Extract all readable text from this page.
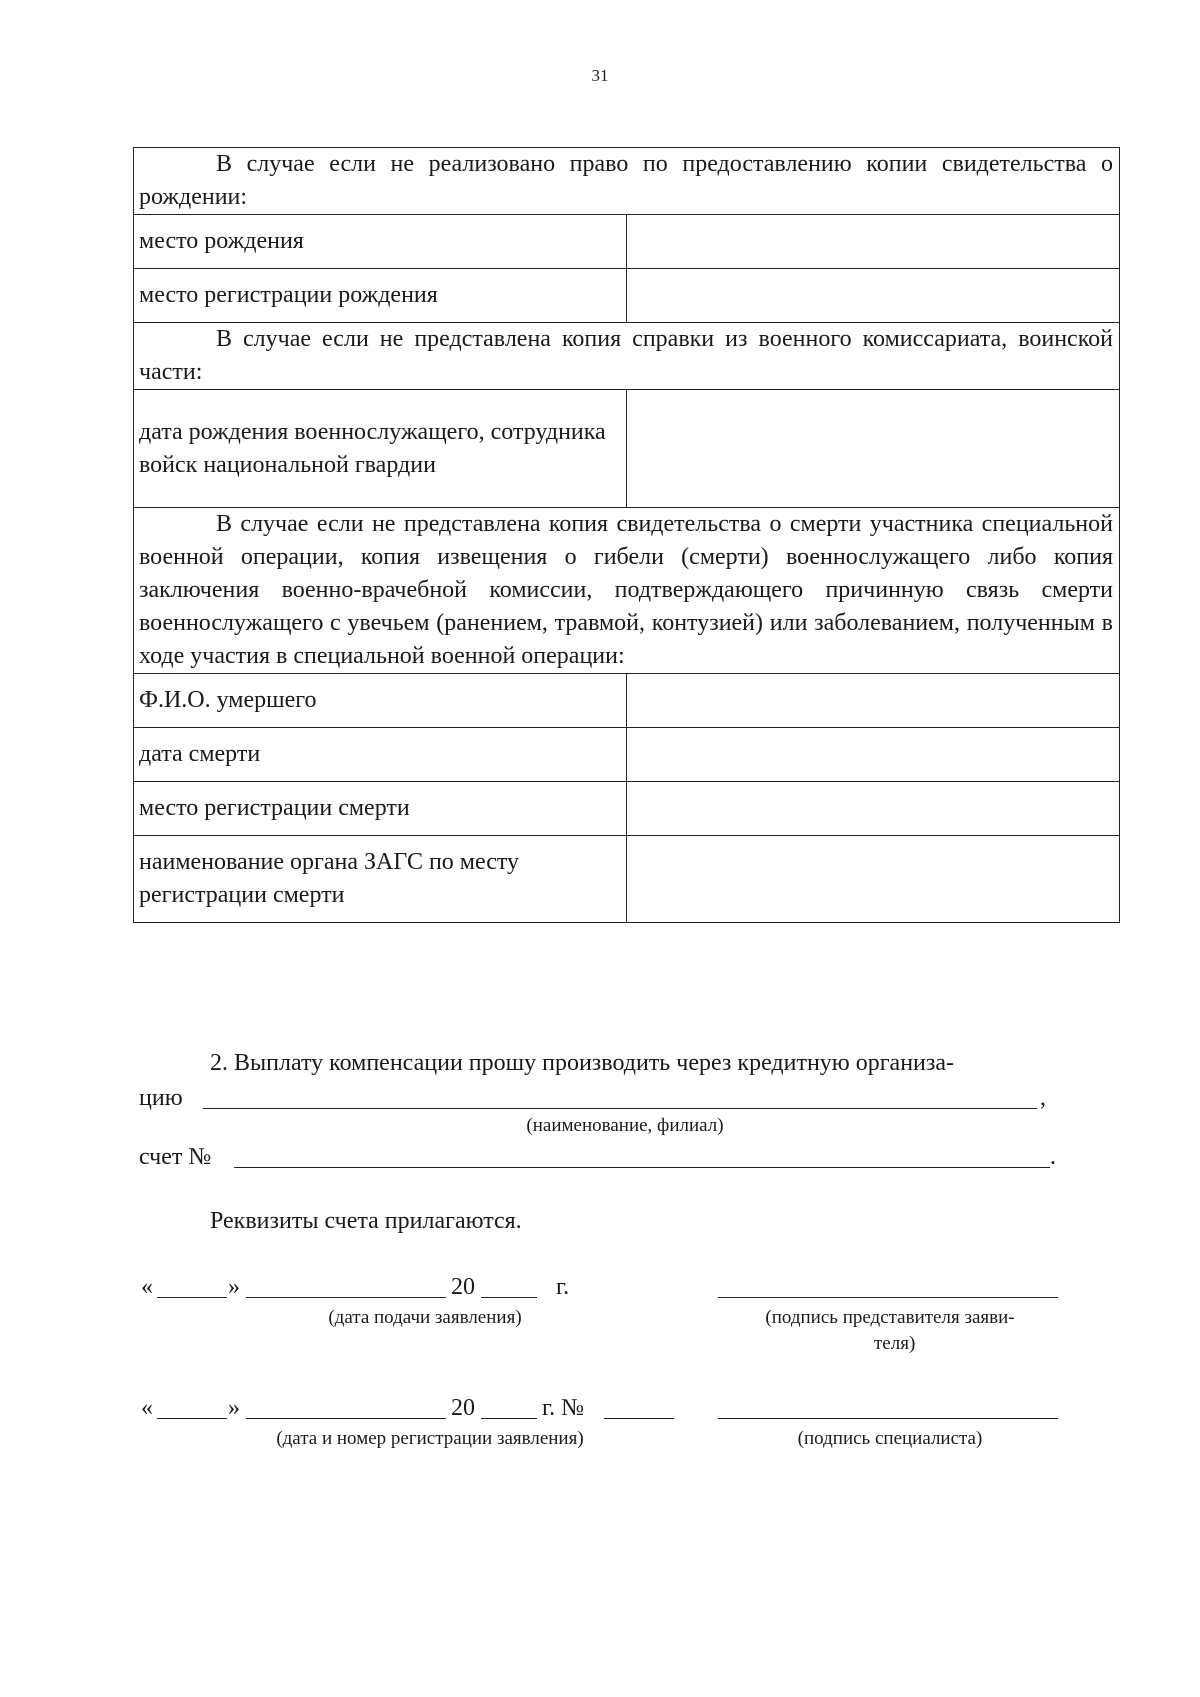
31
В случае если не реализовано право по предоставлению копии свидетельства о рождении:	
место рождения	
место регистрации рождения	
В случае если не представлена копия справки из военного комиссариата, воинской части:	
дата рождения военнослужащего, сотрудника войск национальной гвардии	
В случае если не представлена копия свидетельства о смерти участника специальной военной операции, копия извещения о гибели (смерти) военнослужащего либо копия заключения военно-врачебной комиссии, подтверждающего причинную связь смерти военнослужащего с увечьем (ранением, травмой, контузией) или заболеванием, полученным в ходе участия в специальной военной операции:	
Ф.И.О. умершего	
дата смерти	
место регистрации смерти	
наименование органа ЗАГС по месту регистрации смерти	
2. Выплату компенсации прошу производить через кредитную организа-
цию	,
(наименование, филиал)
счет №	.
Реквизиты счета прилагаются.
«	»	20	г.
(дата подачи заявления)	(подпись представителя заяви-
теля)
«	»	20	г. №
(дата и номер регистрации заявления)	(подпись специалиста)
